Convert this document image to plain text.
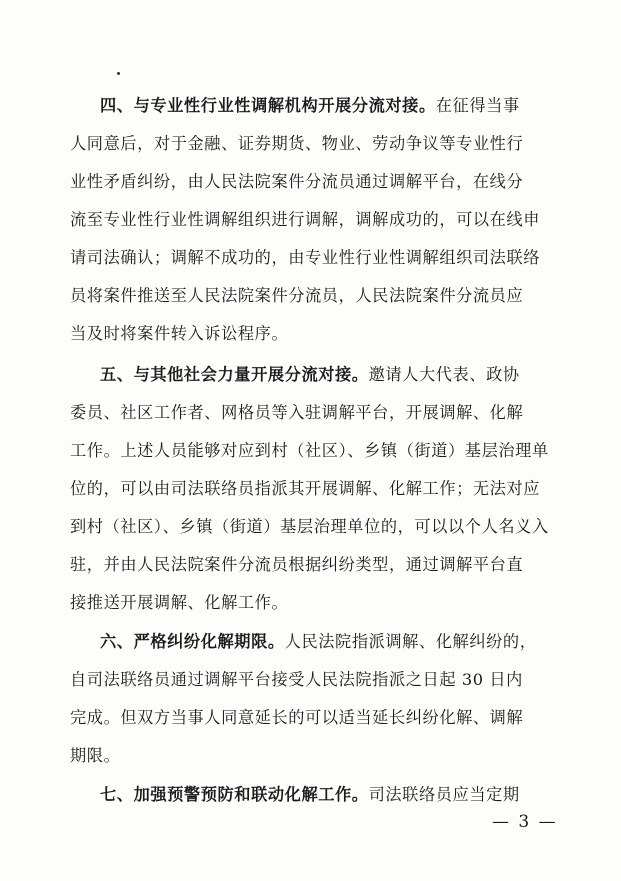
四、与专业性行业性调解机构开展分流对接。在征得当事
人同意后，对于金融、证券期货、物业、劳动争议等专业性行
业性矛盾纠纷，由人民法院案件分流员通过调解平台，在线分
流至专业性行业性调解组织进行调解，调解成功的，可以在线申
请司法确认；调解不成功的，由专业性行业性调解组织司法联络
员将案件推送至人民法院案件分流员，人民法院案件分流员应
当及时将案件转入诉讼程序。
五、与其他社会力量开展分流对接。邀请人大代表、政协
委员、社区工作者、网格员等入驻调解平台，开展调解、化解
工作。上述人员能够对应到村（社区）、乡镇（街道）基层治理单
位的，可以由司法联络员指派其开展调解、化解工作；无法对应
到村（社区）、乡镇（街道）基层治理单位的，可以以个人名义入
驻，并由人民法院案件分流员根据纠纷类型，通过调解平台直
接推送开展调解、化解工作。
六、严格纠纷化解期限。人民法院指派调解、化解纠纷的，
自司法联络员通过调解平台接受人民法院指派之日起 30 日内
完成。但双方当事人同意延长的可以适当延长纠纷化解、调解
期限。
七、加强预警预防和联动化解工作。司法联络员应当定期
— 3 —
